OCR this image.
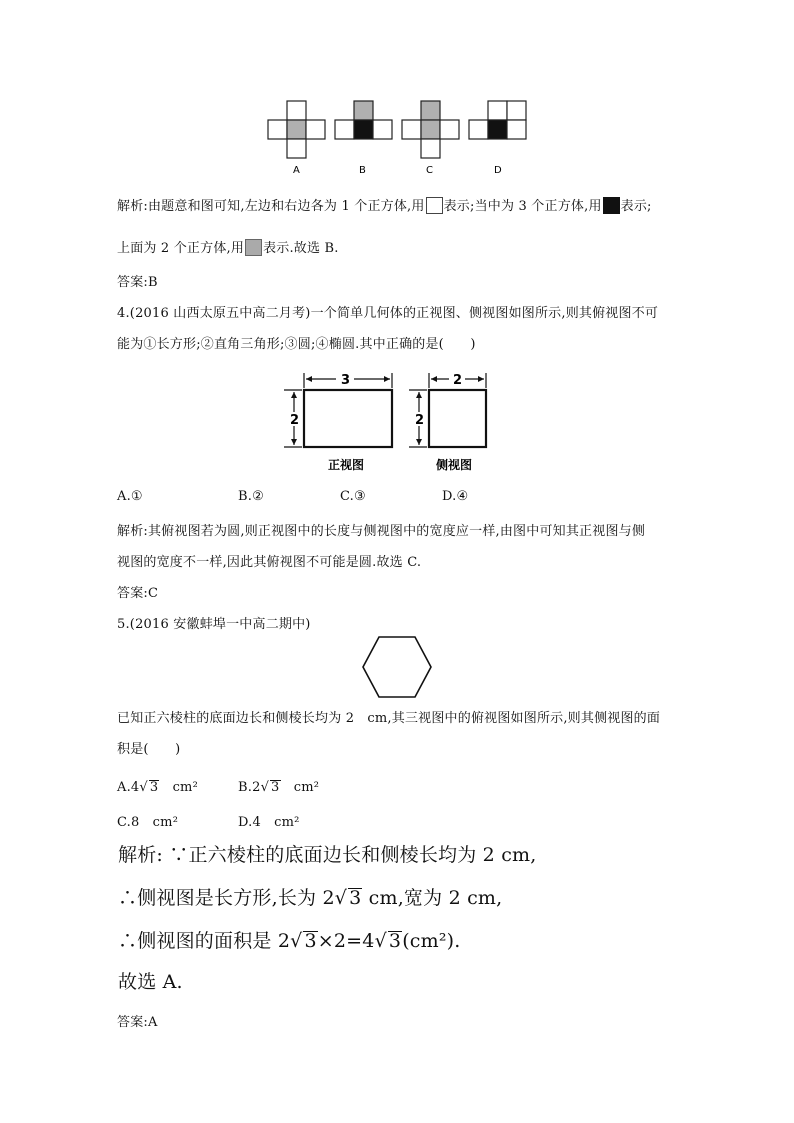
A	B	C	D
解析:由题意和图可知,左边和右边各为 1 个正方体,用 表示;当中为 3 个正方体,用 表示;
上面为 2 个正方体,用 表示.故选 B.
答案:B
4.(2016 山西太原五中高二月考)一个简单几何体的正视图、侧视图如图所示,则其俯视图不可
能为①长方形;②直角三角形;③圆;④椭圆.其中正确的是(　　)
3
2
2
2
正视图	侧视图
A.①	B.②	C.③	D.④
解析:其俯视图若为圆,则正视图中的长度与侧视图中的宽度应一样,由图中可知其正视图与侧
视图的宽度不一样,因此其俯视图不可能是圆.故选 C.
答案:C
5.(2016 安徽蚌埠一中高二期中)
已知正六棱柱的底面边长和侧棱长均为 2　cm,其三视图中的俯视图如图所示,则其侧视图的面
积是(　　)
A.4√ 3　cm²	B.2√ 3　cm²
C.8　cm²	D.4　cm²
解析: ∵正六棱柱的底面边长和侧棱长均为 2 cm,
∴侧视图是长方形,长为 2√ 3 cm,宽为 2 cm,
∴侧视图的面积是 2√ 3×2=4√ 3(cm²).
故选 A.
答案:A
